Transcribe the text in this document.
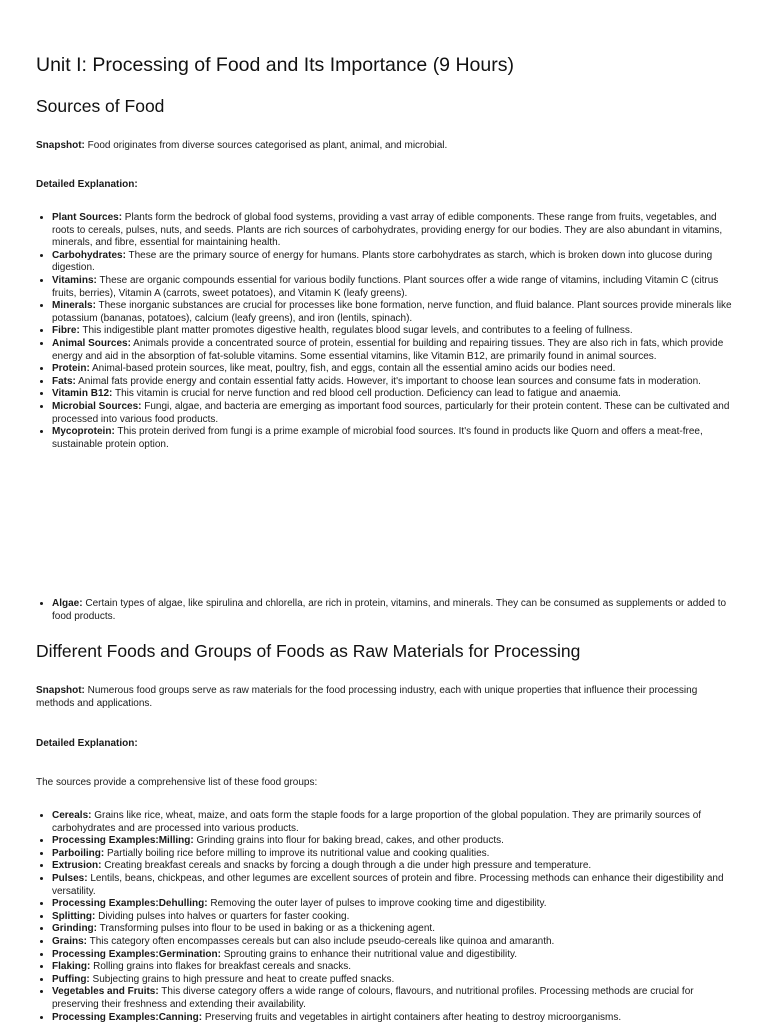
Unit I: Processing of Food and Its Importance (9 Hours)
Sources of Food

Snapshot: Food originates from diverse sources categorised as plant, animal, and microbial.

Detailed Explanation:

• Plant Sources: Plants form the bedrock of global food systems, providing a vast array of edible components. These range from fruits, vegetables, and roots to cereals, pulses, nuts, and seeds. Plants are rich sources of carbohydrates, providing energy for our bodies. They are also abundant in vitamins, minerals, and fibre, essential for maintaining health.
• Carbohydrates: These are the primary source of energy for humans. Plants store carbohydrates as starch, which is broken down into glucose during digestion.
• Vitamins: These are organic compounds essential for various bodily functions. Plant sources offer a wide range of vitamins, including Vitamin C (citrus fruits, berries), Vitamin A (carrots, sweet potatoes), and Vitamin K (leafy greens).
• Minerals: These inorganic substances are crucial for processes like bone formation, nerve function, and fluid balance. Plant sources provide minerals like potassium (bananas, potatoes), calcium (leafy greens), and iron (lentils, spinach).
• Fibre: This indigestible plant matter promotes digestive health, regulates blood sugar levels, and contributes to a feeling of fullness.
• Animal Sources: Animals provide a concentrated source of protein, essential for building and repairing tissues. They are also rich in fats, which provide energy and aid in the absorption of fat-soluble vitamins. Some essential vitamins, like Vitamin B12, are primarily found in animal sources.
• Protein: Animal-based protein sources, like meat, poultry, fish, and eggs, contain all the essential amino acids our bodies need.
• Fats: Animal fats provide energy and contain essential fatty acids. However, it's important to choose lean sources and consume fats in moderation.
• Vitamin B12: This vitamin is crucial for nerve function and red blood cell production. Deficiency can lead to fatigue and anaemia.
• Microbial Sources: Fungi, algae, and bacteria are emerging as important food sources, particularly for their protein content. These can be cultivated and processed into various food products.
• Mycoprotein: This protein derived from fungi is a prime example of microbial food sources. It's found in products like Quorn and offers a meat-free, sustainable protein option.
• Algae: Certain types of algae, like spirulina and chlorella, are rich in protein, vitamins, and minerals. They can be consumed as supplements or added to food products.
Different Foods and Groups of Foods as Raw Materials for Processing

Snapshot: Numerous food groups serve as raw materials for the food processing industry, each with unique properties that influence their processing methods and applications.

Detailed Explanation:

The sources provide a comprehensive list of these food groups:

• Cereals: Grains like rice, wheat, maize, and oats form the staple foods for a large proportion of the global population. They are primarily sources of carbohydrates and are processed into various products.
• Processing Examples:Milling: Grinding grains into flour for baking bread, cakes, and other products.
• Parboiling: Partially boiling rice before milling to improve its nutritional value and cooking qualities.
• Extrusion: Creating breakfast cereals and snacks by forcing a dough through a die under high pressure and temperature.
• Pulses: Lentils, beans, chickpeas, and other legumes are excellent sources of protein and fibre. Processing methods can enhance their digestibility and versatility.
• Processing Examples:Dehulling: Removing the outer layer of pulses to improve cooking time and digestibility.
• Splitting: Dividing pulses into halves or quarters for faster cooking.
• Grinding: Transforming pulses into flour to be used in baking or as a thickening agent.
• Grains: This category often encompasses cereals but can also include pseudo-cereals like quinoa and amaranth.
• Processing Examples:Germination: Sprouting grains to enhance their nutritional value and digestibility.
• Flaking: Rolling grains into flakes for breakfast cereals and snacks.
• Puffing: Subjecting grains to high pressure and heat to create puffed snacks.
• Vegetables and Fruits: This diverse category offers a wide range of colours, flavours, and nutritional profiles. Processing methods are crucial for preserving their freshness and extending their availability.
• Processing Examples:Canning: Preserving fruits and vegetables in airtight containers after heating to destroy microorganisms.
